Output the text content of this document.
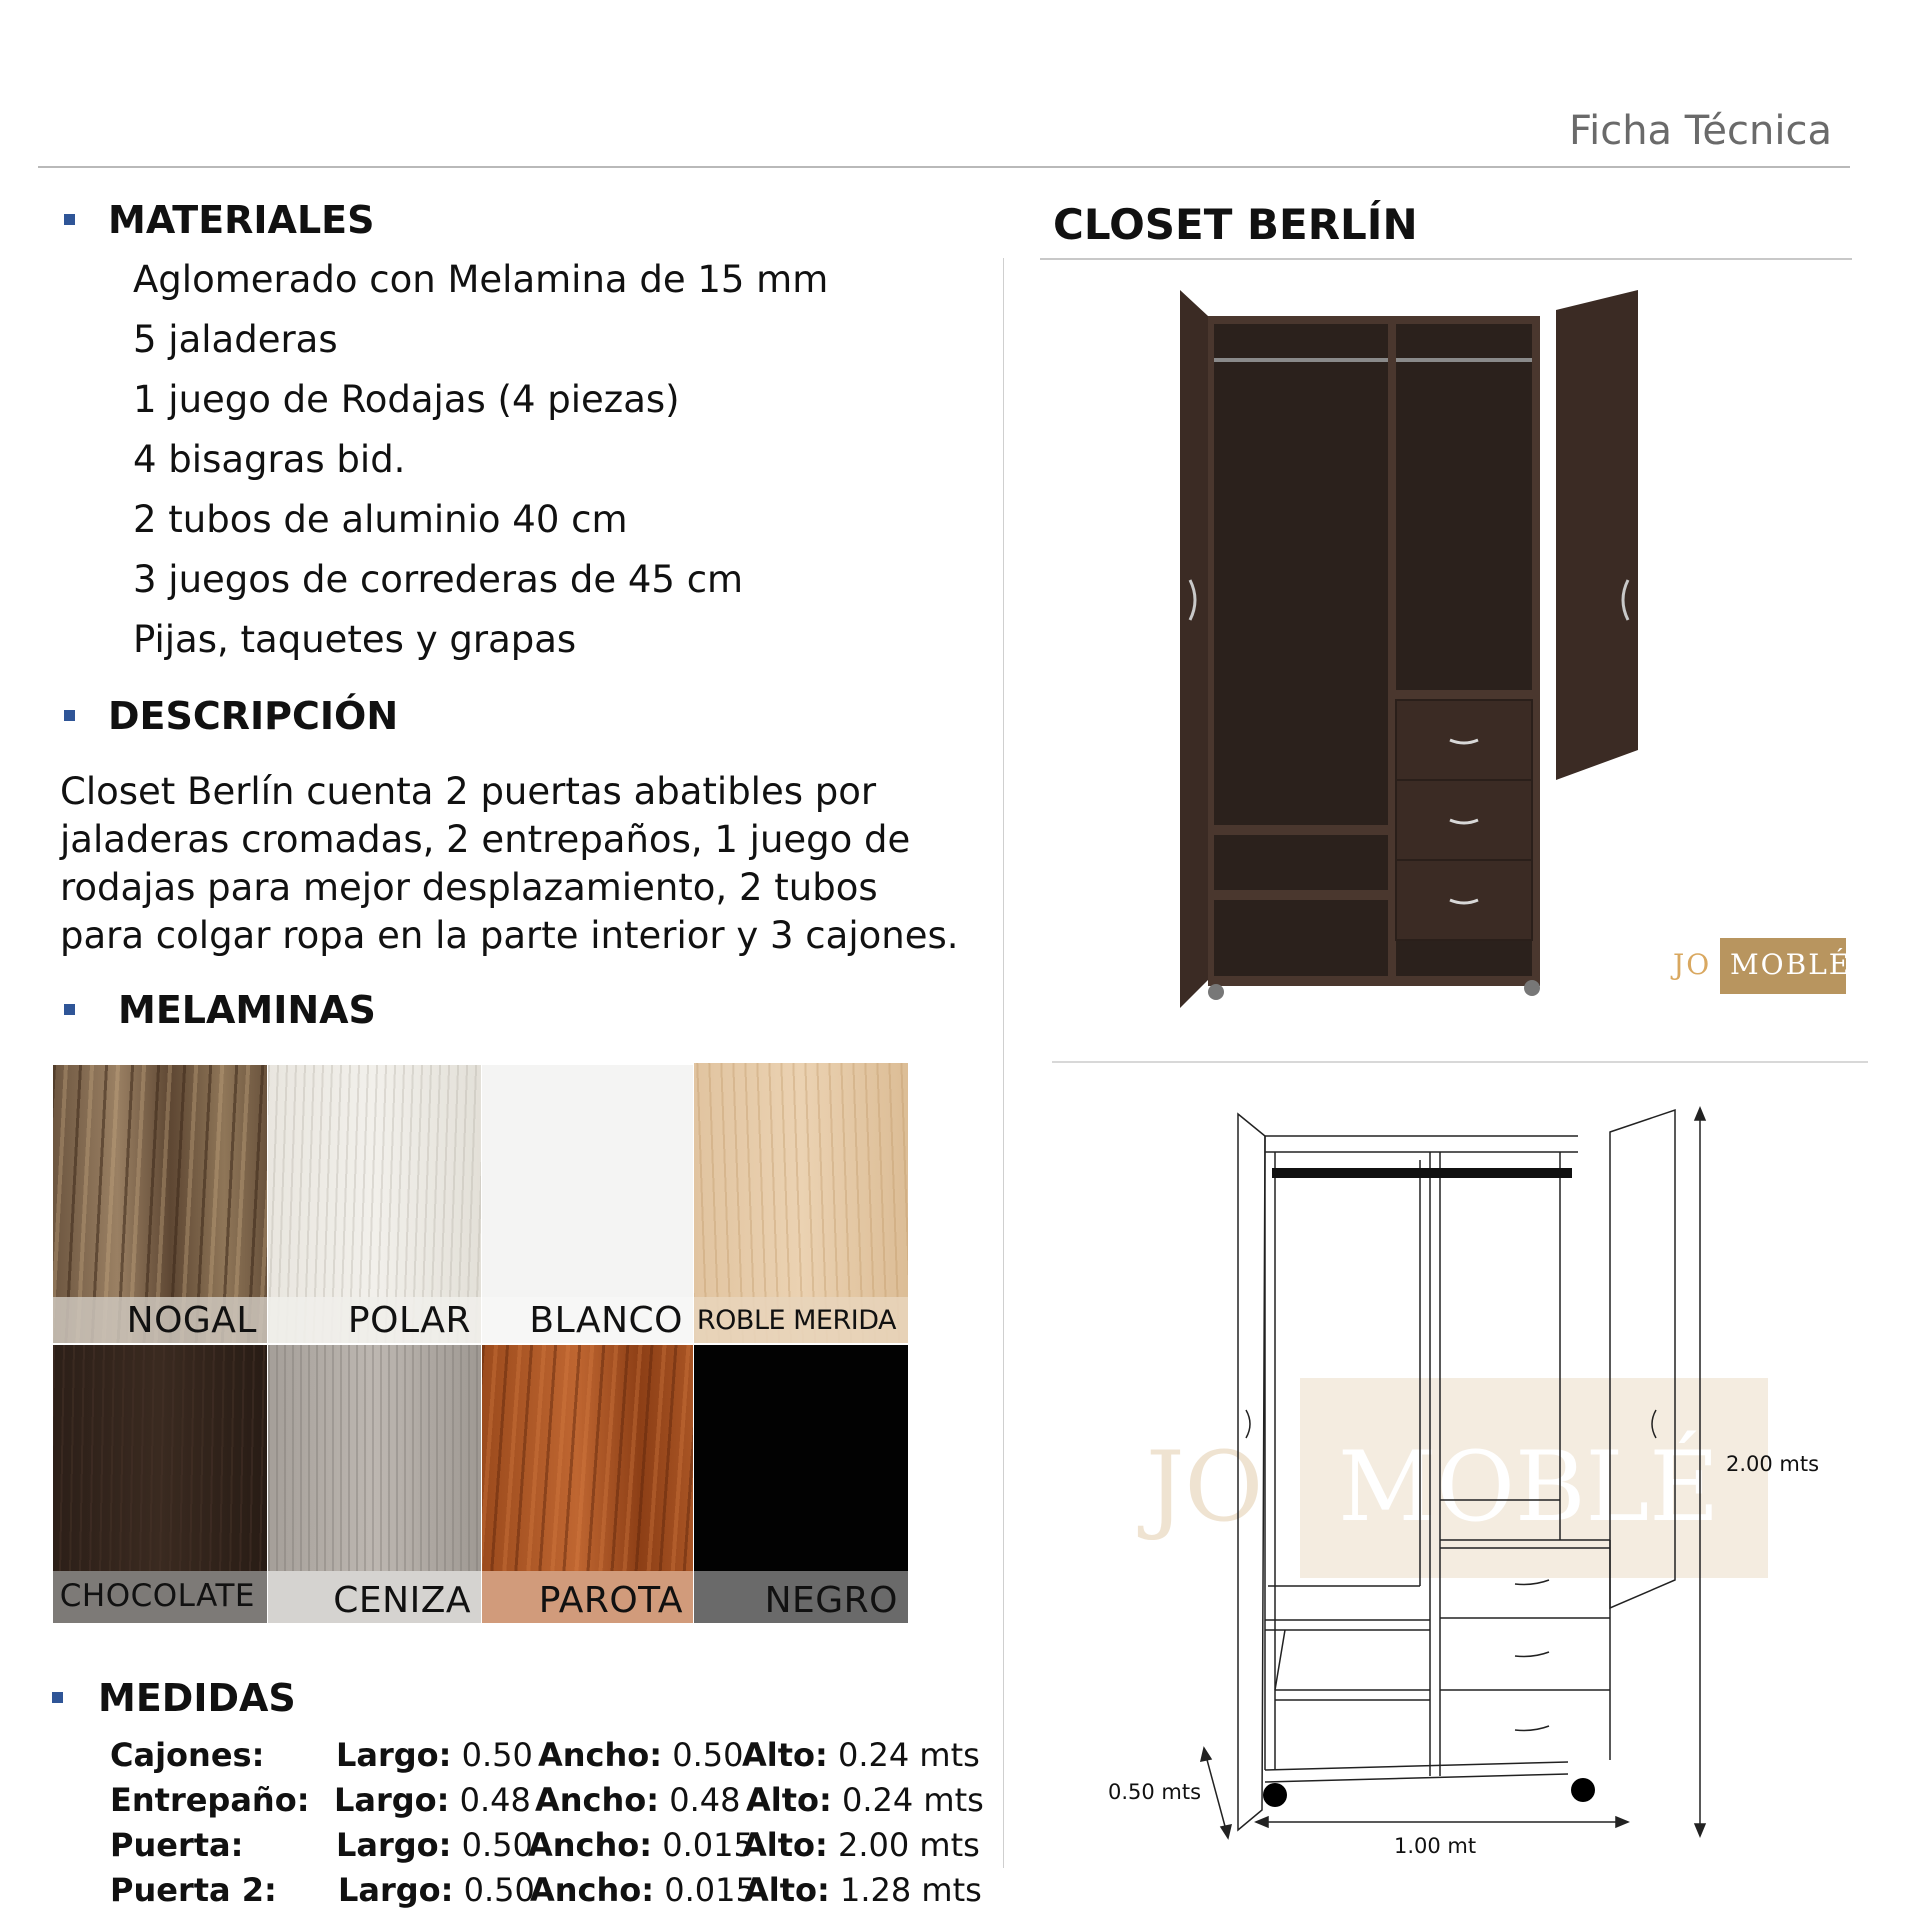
Ficha Técnica
MATERIALES
Aglomerado con Melamina de 15 mm
5 jaladeras
1 juego de Rodajas (4 piezas)
4 bisagras bid.
2 tubos de aluminio 40 cm
3 juegos de correderas de 45 cm
Pijas, taquetes y grapas
DESCRIPCIÓN
Closet Berlín cuenta 2 puertas abatibles por jaladeras cromadas, 2 entrepaños, 1 juego de rodajas para mejor desplazamiento, 2 tubos para colgar ropa en la parte interior y 3 cajones.
MELAMINAS
NOGAL	POLAR BLANCO ROBLE MERIDA
CHOCOLATE CENIZA PAROTA NEGRO
MEDIDAS
Cajones: Largo: 0.50 Ancho: 0.50
Alto: 0.24 mts
Entrepaño: Largo: 0.48 Ancho: 0.48 Alto: 0.24 mts
Puerta:	Largo: 0.50
Ancho: 0.015
Alto: 2.00 mts
Puerta 2: Largo: 0.50
Ancho: 0.015
Alto: 1.28 mts
CLOSET BERLÍN
JO MOBLÉ
JO MOBLÉ 2.00 mts
0.50 mts
1.00 mt
